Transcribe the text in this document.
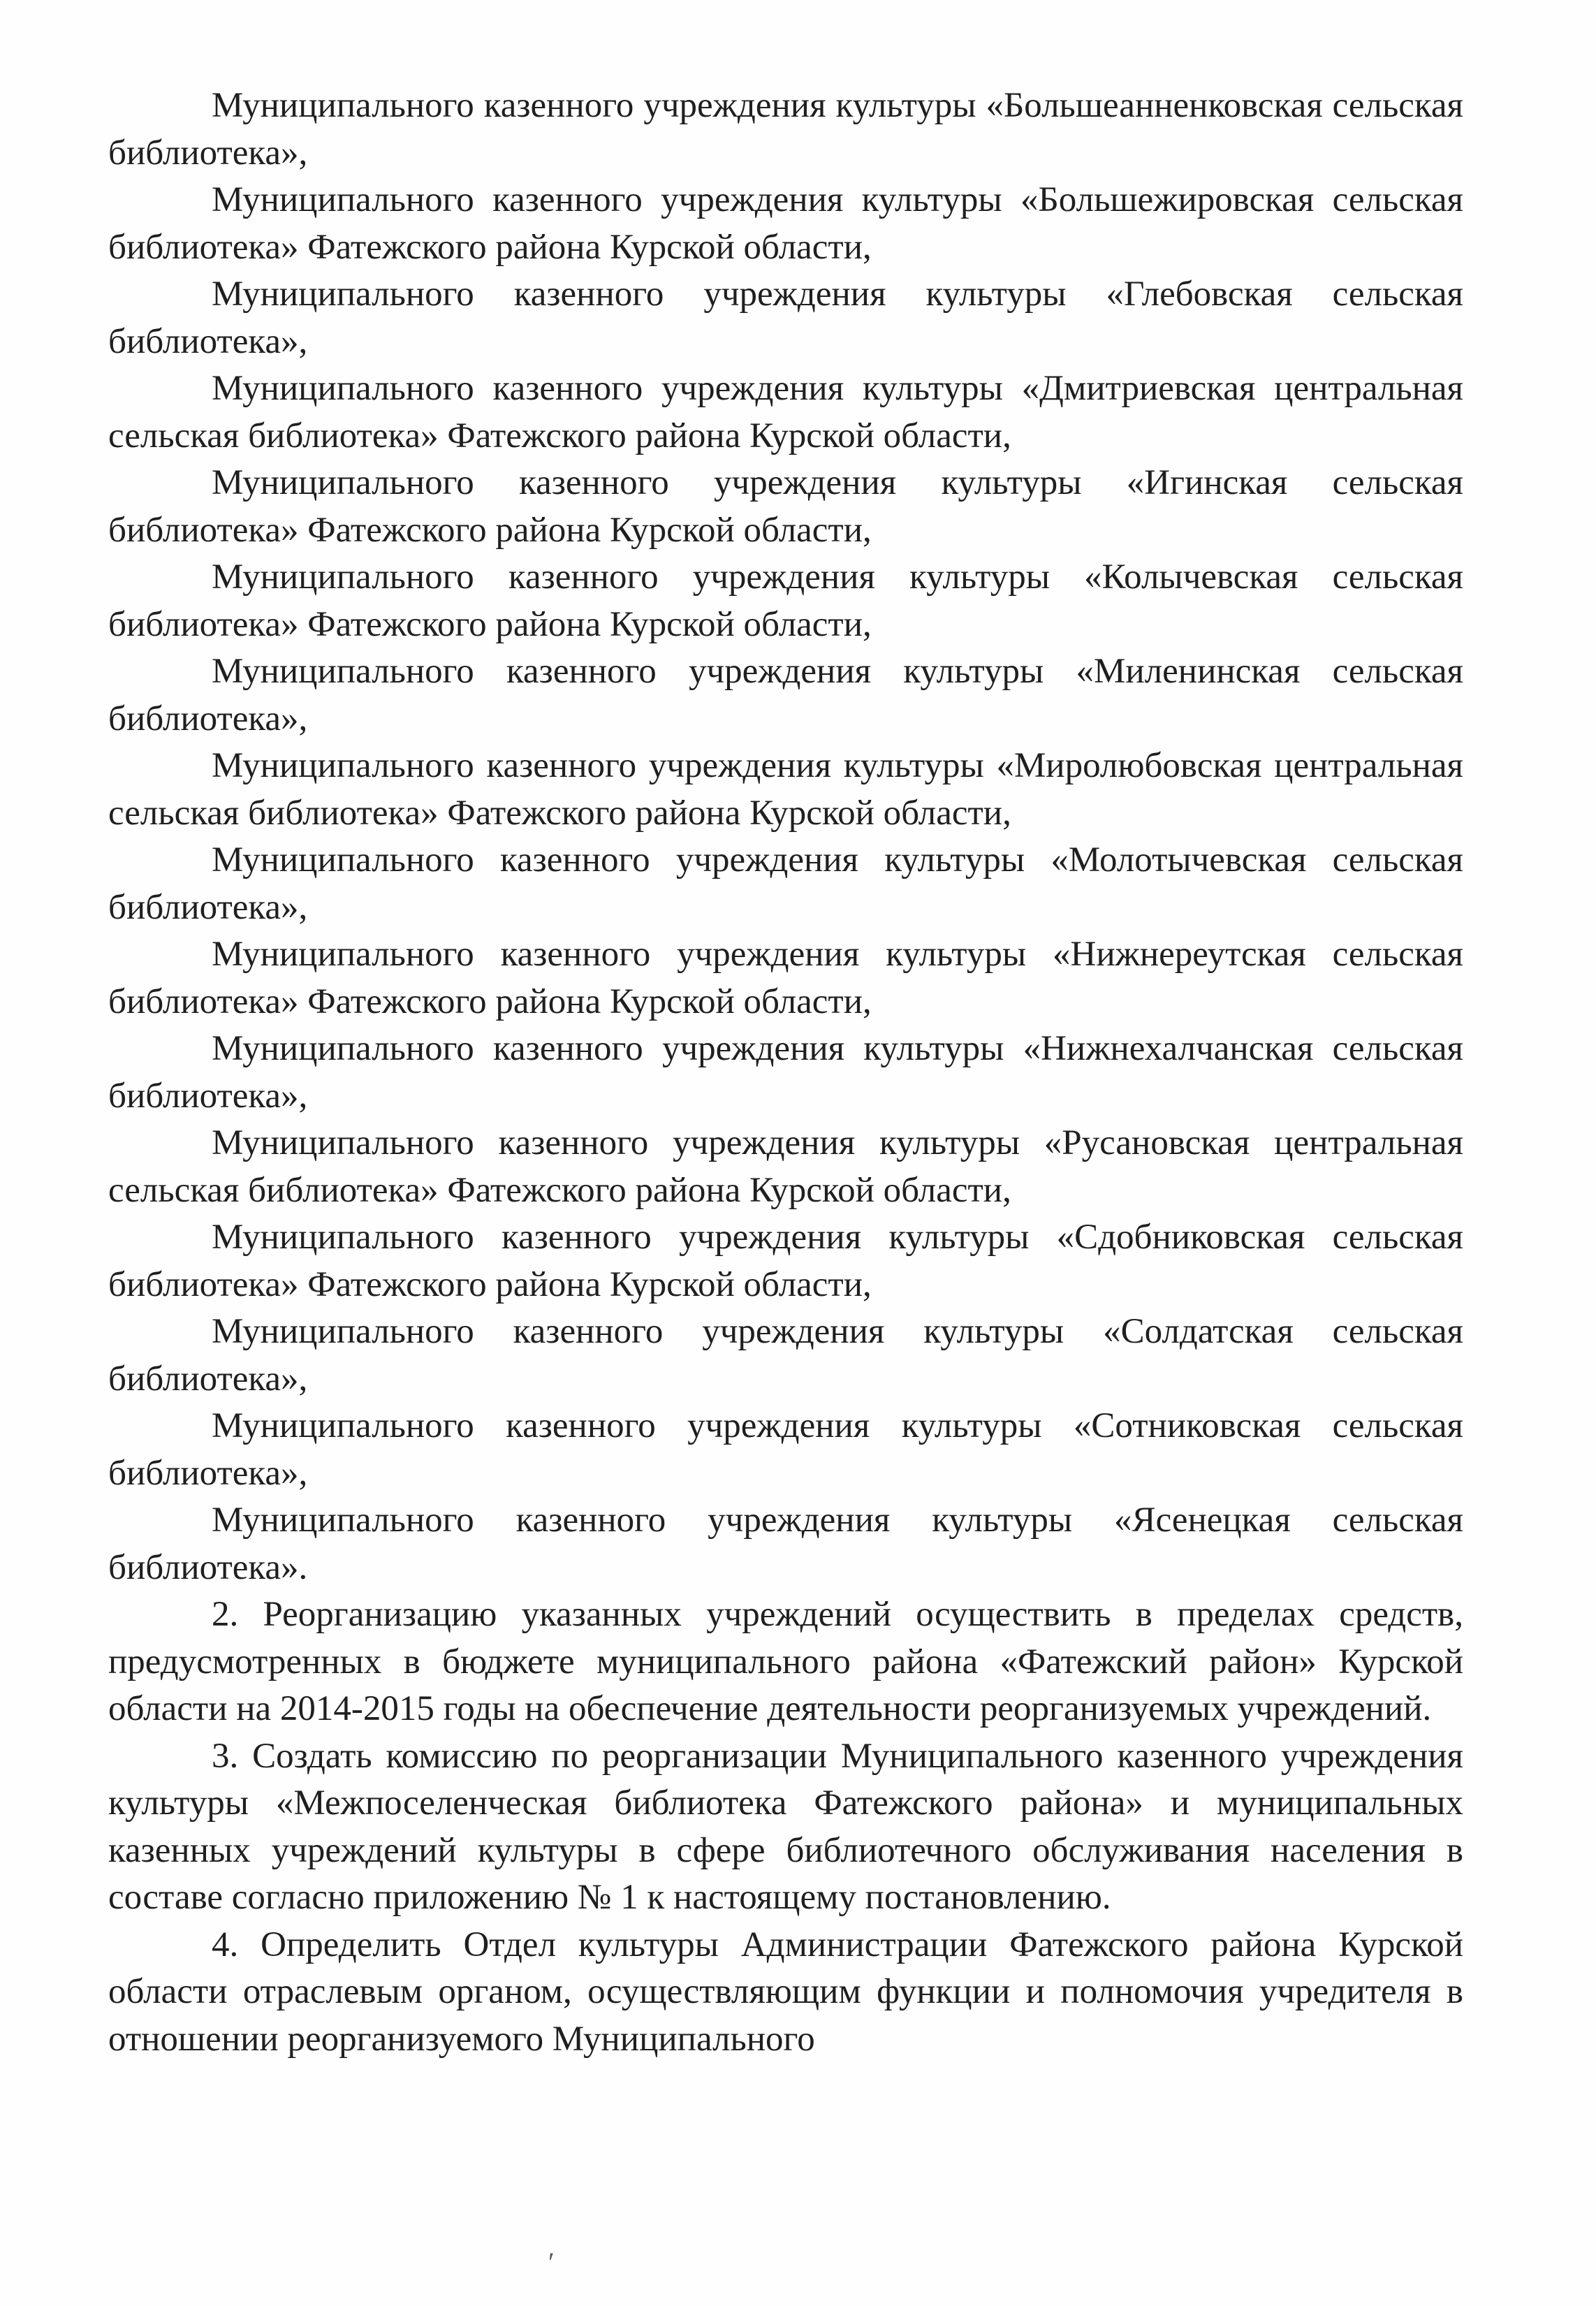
Муниципального казенного учреждения культуры «Большеанненковская сельская библиотека»,

Муниципального казенного учреждения культуры «Большежировская сельская библиотека» Фатежского района Курской области,

Муниципального казенного учреждения культуры «Глебовская сельская библиотека»,

Муниципального казенного учреждения культуры «Дмитриевская центральная сельская библиотека» Фатежского района Курской области,

Муниципального казенного учреждения культуры «Игинская сельская библиотека» Фатежского района Курской области,

Муниципального казенного учреждения культуры «Колычевская сельская библиотека» Фатежского района Курской области,

Муниципального казенного учреждения культуры «Миленинская сельская библиотека»,

Муниципального казенного учреждения культуры «Миролюбовская центральная сельская библиотека» Фатежского района Курской области,

Муниципального казенного учреждения культуры «Молотычевская сельская библиотека»,

Муниципального казенного учреждения культуры «Нижнереутская сельская библиотека» Фатежского района Курской области,

Муниципального казенного учреждения культуры «Нижнехалчанская сельская библиотека»,

Муниципального казенного учреждения культуры «Русановская центральная сельская библиотека» Фатежского района Курской области,

Муниципального казенного учреждения культуры «Сдобниковская сельская библиотека» Фатежского района Курской области,

Муниципального казенного учреждения культуры «Солдатская сельская библиотека»,

Муниципального казенного учреждения культуры «Сотниковская сельская библиотека»,

Муниципального казенного учреждения культуры «Ясенецкая сельская библиотека».

2. Реорганизацию указанных учреждений осуществить в пределах средств, предусмотренных в бюджете муниципального района «Фатежский район» Курской области на 2014-2015 годы на обеспечение деятельности реорганизуемых учреждений.

3. Создать комиссию по реорганизации Муниципального казенного учреждения культуры «Межпоселенческая библиотека Фатежского района» и муниципальных казенных учреждений культуры в сфере библиотечного обслуживания населения в составе согласно приложению № 1 к настоящему постановлению.

4. Определить Отдел культуры Администрации Фатежского района Курской области отраслевым органом, осуществляющим функции и полномочия учредителя в отношении реорганизуемого Муниципального

′
